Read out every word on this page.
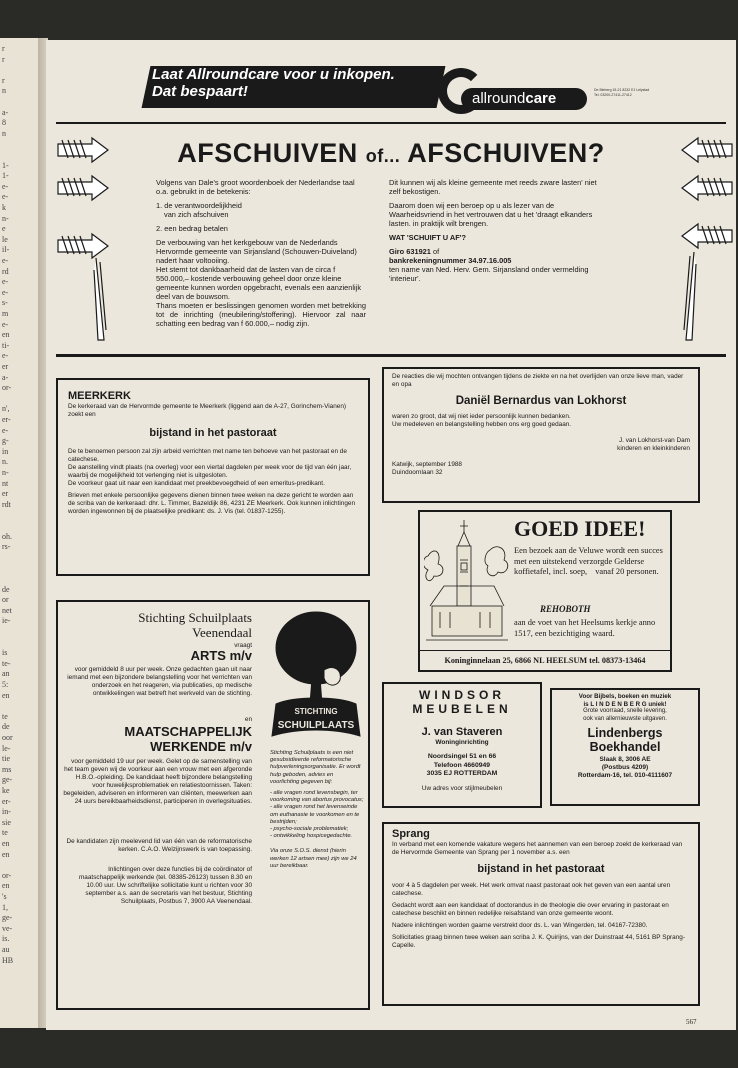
r
r
r
n
a-
8
n
1-
1-
e-
e-
k
n-
e
le
il-
e-
rd
e-
e-
s-
m
e-
en
ti-
e-
er
a-
or-
n',
er-
e-
g-
in
n.
n-
nt
er
rdt
oh.
rs-
de
or
net
ie-
is
te-
an
5:
en
te
de
oor
le-
tie
ms
ge-
ke
er-
in-
sie
te
en
en
or-
en
's
1,
ge-
ve-
is.
au
HB
Laat Allroundcare voor u inkopen.
Dat bespaart!	allroundcare	De Bieberg 15-21 8232 EJ Lelystad Tel. 03200-27411-27412
AFSCHUIVEN of... AFSCHUIVEN?

Volgens van Dale's groot woordenboek der Nederlandse taal o.a. gebruikt in de betekenis:

1. de verantwoordelijkheid

van zich afschuiven

2. een bedrag betalen

De verbouwing van het kerkgebouw van de Nederlands Hervormde gemeente van Sirjansland (Schouwen-Duiveland) nadert haar voltooiing.

Het stemt tot dankbaarheid dat de lasten van de circa f 550.000,– kostende verbouwing geheel door onze kleine gemeente kunnen worden opgebracht, evenals een aanzienlijk deel van de bouwsom.

Thans moeten er beslissingen genomen worden met betrekking tot de inrichting (meubilering/stoffering). Hiervoor zal naar schatting een bedrag van f 60.000,– nodig zijn.

Dit kunnen wij als kleine gemeente met reeds zware lasten' niet zelf bekostigen.

Daarom doen wij een beroep op u als lezer van de Waarheidsvriend in het vertrouwen dat u het 'draagt elkanders lasten. in praktijk wilt brengen.

WAT 'SCHUIFT U AF'?

Giro 631921 of

bankrekeningnummer 34.97.16.005

ten name van Ned. Herv. Gem. Sirjansland onder vermelding 'interieur'.

MEERKERK
De kerkeraad van de Hervormde gemeente te Meerkerk (liggend aan de A-27, Gorinchem-Vianen) zoekt een
bijstand in het pastoraat

De te benoemen persoon zal zijn arbeid verrichten met name ten behoeve van het pastoraat en de catechese.

De aanstelling vindt plaats (na overleg) voor een viertal dagdelen per week voor de tijd van één jaar, waarbij de mogelijkheid tot verlenging niet is uitgesloten.

De voorkeur gaat uit naar een kandidaat met preekbevoegdheid of een emeritus-predikant.

Brieven met enkele persoonlijke gegevens dienen binnen twee weken na deze gericht te worden aan de scriba van de kerkeraad: dhr. L. Timmer, Bazeldijk 86, 4231 ZE Meerkerk. Ook kunnen inlichtingen worden ingewonnen bij de plaatselijke predikant: ds. J. Vis (tel. 01837-1255).

De reacties die wij mochten ontvangen tijdens de ziekte en na het overlijden van onze lieve man, vader en opa
Daniël Bernardus van Lokhorst
waren zo groot, dat wij niet ieder persoonlijk kunnen bedanken.
Uw medeleven en belangstelling hebben ons erg goed gedaan.
J. van Lokhorst-van Dam
kinderen en kleinkinderen
Katwijk, september 1988
Duindoornlaan 32
GOED IDEE!
Een bezoek aan de Veluwe wordt een succes met een uitstekend verzorgde Gelderse koffietafel, incl. soep, vanaf 20 personen.
REHOBOTH
aan de voet van het Heelsums kerkje anno 1517, een bezichtiging waard.
Koninginnelaan 25, 6866 NL HEELSUM tel. 08373-13464
Stichting Schuilplaats
Veenendaal
vraagt
ARTS m/v
voor gemiddeld 8 uur per week. Onze gedachten gaan uit naar iemand met een bijzondere belangstelling voor het verrichten van onderzoek en het reageren, via publicaties, op medische ontwikkelingen wat betreft het werkveld van de stichting.
en
MAATSCHAPPELIJK
WERKENDE m/v
voor gemiddeld 19 uur per week. Gelet op de samenstelling van het team geven wij de voorkeur aan een vrouw met een afgeronde H.B.O.-opleiding. De kandidaat heeft bijzondere belangstelling voor huwelijksproblematiek en relatiestoornissen. Taken: begeleiden, adviseren en informeren van cliënten, meewerken aan 24 uurs bereikbaarheidsdienst, participeren in overlegsituaties.
De kandidaten zijn meelevend lid van één van de reformatorische kerken. C.A.O. Welzijnswerk is van toepassing.
Inlichtingen over deze functies bij de coördinator of maatschappelijk werkende (tel. 08385-26123) tussen 8.30 en 10.00 uur. Uw schriftelijke sollicitatie kunt u richten voor 30 september a.s. aan de secretaris van het bestuur, Stichting Schuilplaats, Postbus 7, 3900 AA Veenendaal.
STICHTING
SCHUILPLAATS
Stichting Schuilplaats is een niet gesubsidieerde reformatorische hulpverleningsorganisatie. Er wordt hulp geboden, advies en voorlichting gegeven bij:
- alle vragen rond levensbegin, ter voorkoming van abortus provocatus;
- alle vragen rond het levenseinde om euthanasie te voorkomen en te bestrijden;
- psycho-sociale problematiek;
- ontwikkeling hospicegedachte.
Via onze S.O.S. dienst (hierin werken 12 artsen mee) zijn we 24 uur bereikbaar.
WINDSOR
MEUBELEN
J. van Staveren
Woninginrichting
Noordsingel 51 en 66
Telefoon 4660949
3035 EJ ROTTERDAM
Uw adres voor stijlmeubelen
Voor Bijbels, boeken en muziek
is L I N D E N B E R G uniek!
Grote voorraad, snelle levering,
ook van allernieuwste uitgaven.
Lindenbergs
Boekhandel
Slaak 8, 3006 AE
(Postbus 4209)
Rotterdam-16, tel. 010-4111607
Sprang
In verband met een komende vakature wegens het aannemen van een beroep zoekt de kerkeraad van de Hervormde Gemeente van Sprang per 1 november a.s. een
bijstand in het pastoraat

voor 4 à 5 dagdelen per week. Het werk omvat naast pastoraat ook het geven van een aantal uren catechese.

Gedacht wordt aan een kandidaat of doctorandus in de theologie die over ervaring in pastoraat en catechese beschikt en binnen redelijke reisafstand van onze gemeente woont.

Nadere inlichtingen worden gaarne verstrekt door ds. L. van Wingerden, tel. 04167-72380.

Sollicitaties graag binnen twee weken aan scriba J. K. Quirijns, van der Duinstraat 44, 5161 BP Sprang-Capelle.

567
